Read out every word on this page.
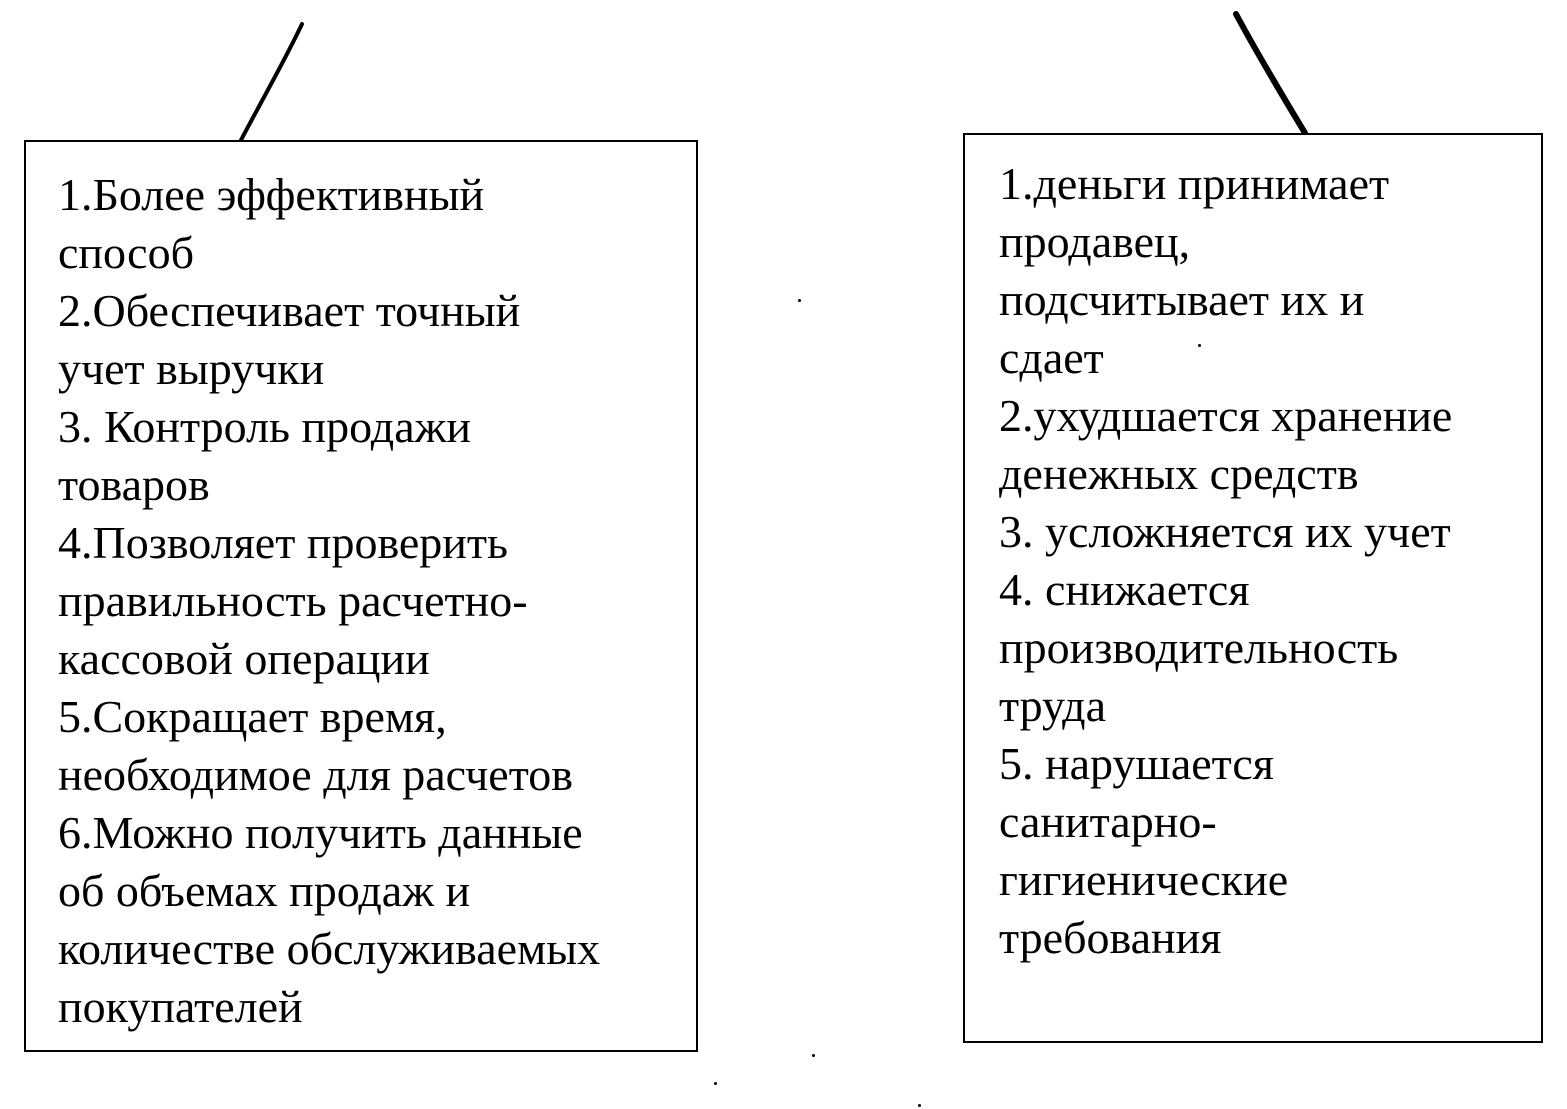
1.Более эффективный
способ
2.Обеспечивает точный
учет выручки
3. Контроль продажи
товаров
4.Позволяет проверить
правильность расчетно-
кассовой операции
5.Сокращает время,
необходимое для расчетов
6.Можно получить данные
об объемах продаж и
количестве обслуживаемых
покупателей
1.деньги принимает
продавец,
подсчитывает их и
сдает
2.ухудшается хранение
денежных средств
3. усложняется их учет
4. снижается
производительность
труда
5. нарушается
санитарно-
гигиенические
требования
